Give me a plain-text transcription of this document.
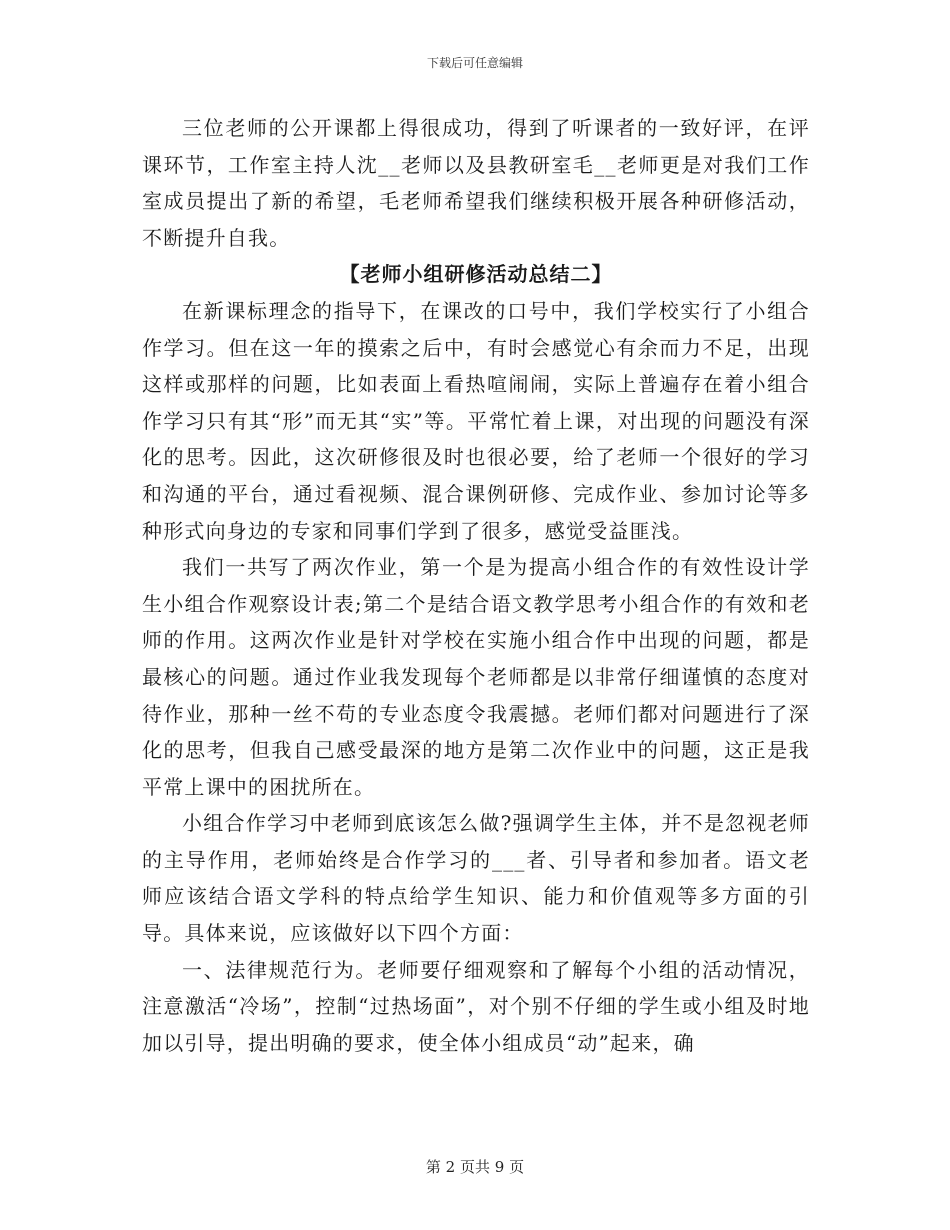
下载后可任意编辑

三位老师的公开课都上得很成功，得到了听课者的一致好评，在评课环节，工作室主持人沈__老师以及县教研室毛__老师更是对我们工作室成员提出了新的希望，毛老师希望我们继续积极开展各种研修活动，不断提升自我。

【老师小组研修活动总结二】

在新课标理念的指导下，在课改的口号中，我们学校实行了小组合作学习。但在这一年的摸索之后中，有时会感觉心有余而力不足，出现这样或那样的问题，比如表面上看热喧闹闹，实际上普遍存在着小组合作学习只有其“形”而无其“实”等。平常忙着上课，对出现的问题没有深化的思考。因此，这次研修很及时也很必要，给了老师一个很好的学习和沟通的平台，通过看视频、混合课例研修、完成作业、参加讨论等多种形式向身边的专家和同事们学到了很多，感觉受益匪浅。

我们一共写了两次作业，第一个是为提高小组合作的有效性设计学生小组合作观察设计表;第二个是结合语文教学思考小组合作的有效和老师的作用。这两次作业是针对学校在实施小组合作中出现的问题，都是最核心的问题。通过作业我发现每个老师都是以非常仔细谨慎的态度对待作业，那种一丝不苟的专业态度令我震撼。老师们都对问题进行了深化的思考，但我自己感受最深的地方是第二次作业中的问题，这正是我平常上课中的困扰所在。

小组合作学习中老师到底该怎么做?强调学生主体，并不是忽视老师的主导作用，老师始终是合作学习的___者、引导者和参加者。语文老师应该结合语文学科的特点给学生知识、能力和价值观等多方面的引导。具体来说，应该做好以下四个方面：

一、法律规范行为。老师要仔细观察和了解每个小组的活动情况，注意激活“冷场”，控制“过热场面”，对个别不仔细的学生或小组及时地加以引导，提出明确的要求，使全体小组成员“动”起来，确

第 2 页共 9 页
